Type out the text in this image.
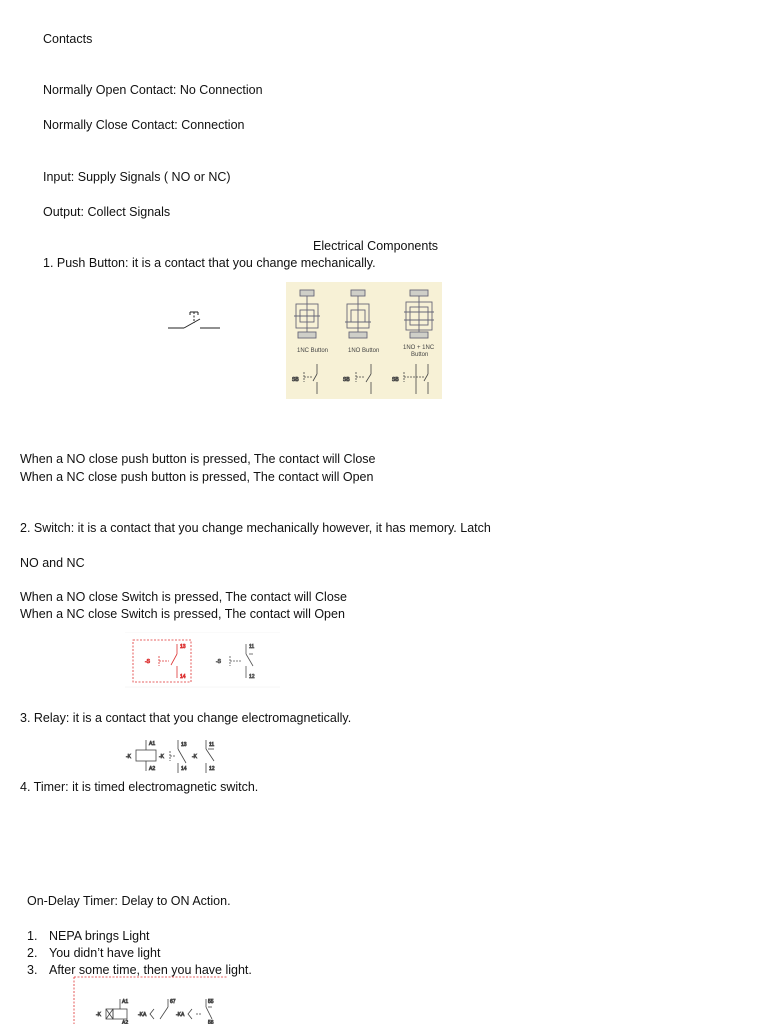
Contacts
Normally Open Contact: No Connection
Normally Close Contact: Connection
Input: Supply Signals ( NO or NC)
Output: Collect Signals
Electrical Components
1. Push Button: it is a contact that you change mechanically.
1NC Button	1NO Button	1NO + 1NC
Button
SB	SB	SB
When a NO close push button is pressed, The contact will Close
When a NC close push button is pressed, The contact will Open
2. Switch: it is a contact that you change mechanically however, it has memory. Latch
NO and NC
When a NO close Switch is pressed, The contact will Close
When a NC close Switch is pressed, The contact will Open
-S
13
14
-S
11
12
3. Relay: it is a contact that you change electromagnetically.
-K
A1
A2
-K
13
14
-K
11
12
4. Timer: it is timed electromagnetic switch.
On-Delay Timer: Delay to ON Action.
1. NEPA brings Light
2. You didn’t have light
3. After some time, then you have light.
-K
A1
A2
-KA
67
-KA
55
56
